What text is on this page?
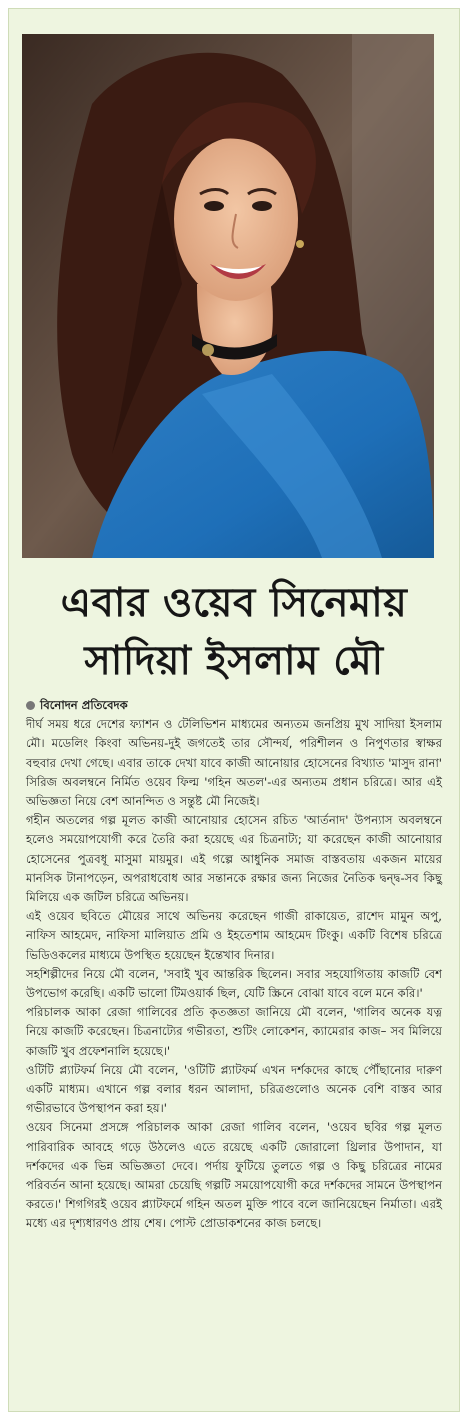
এবার ওয়েব সিনেমায়
সাদিয়া ইসলাম মৌ
বিনোদন প্রতিবেদক

দীর্ঘ সময় ধরে দেশের ফ্যাশন ও টেলিভিশন মাধ্যমের অন্যতম জনপ্রিয় মুখ সাদিয়া ইসলাম মৌ। মডেলিং কিংবা অভিনয়-দুই জগতেই তার সৌন্দর্য, পরিশীলন ও নিপুণতার স্বাক্ষর বহুবার দেখা গেছে। এবার তাকে দেখা যাবে কাজী আনোয়ার হোসেনের বিখ্যাত 'মাসুদ রানা' সিরিজ অবলম্বনে নির্মিত ওয়েব ফিল্ম 'গহিন অতল'-এর অন্যতম প্রধান চরিত্রে। আর এই অভিজ্ঞতা নিয়ে বেশ আনন্দিত ও সন্তুষ্ট মৌ নিজেই।

গহীন অতলের গল্প মূলত কাজী আনোয়ার হোসেন রচিত 'আর্তনাদ' উপন্যাস অবলম্বনে হলেও সময়োপযোগী করে তৈরি করা হয়েছে এর চিত্রনাট্য; যা করেছেন কাজী আনোয়ার হোসেনের পুত্রবধূ মাসুমা মায়মুর। এই গল্পে আধুনিক সমাজ বাস্তবতায় একজন মায়ের মানসিক টানাপড়েন, অপরাধবোধ আর সন্তানকে রক্ষার জন্য নিজের নৈতিক দ্বন্দ্ব-সব কিছু মিলিয়ে এক জটিল চরিত্রে অভিনয়।

এই ওয়েব ছবিতে মৌয়ের সাথে অভিনয় করেছেন গাজী রাকায়েত, রাশেদ মামুন অপু, নাফিস আহমেদ, নাফিসা মালিয়াত প্রমি ও ইহতেশাম আহমেদ টিংকু। একটি বিশেষ চরিত্রে ভিডিওকলের মাধ্যমে উপস্থিত হয়েছেন ইন্তেখাব দিনার।

সহশিল্পীদের নিয়ে মৌ বলেন, 'সবাই খুব আন্তরিক ছিলেন। সবার সহযোগিতায় কাজটি বেশ উপভোগ করেছি। একটি ভালো টিমওয়ার্ক ছিল, যেটি স্ক্রিনে বোঝা যাবে বলে মনে করি।'

পরিচালক আকা রেজা গালিবের প্রতি কৃতজ্ঞতা জানিয়ে মৌ বলেন, 'গালিব অনেক যত্ন নিয়ে কাজটি করেছেন। চিত্রনাট্যের গভীরতা, শুটিং লোকেশন, ক্যামেরার কাজ– সব মিলিয়ে কাজটি খুব প্রফেশনালি হয়েছে।'

ওটিটি প্ল্যাটফর্ম নিয়ে মৌ বলেন, 'ওটিটি প্ল্যাটফর্ম এখন দর্শকদের কাছে পৌঁছানোর দারুণ একটি মাধ্যম। এখানে গল্প বলার ধরন আলাদা, চরিত্রগুলোও অনেক বেশি বাস্তব আর গভীরভাবে উপস্থাপন করা হয়।'

ওয়েব সিনেমা প্রসঙ্গে পরিচালক আকা রেজা গালিব বলেন, 'ওয়েব ছবির গল্প মূলত পারিবারিক আবহে গড়ে উঠলেও এতে রয়েছে একটি জোরালো থ্রিলার উপাদান, যা দর্শকদের এক ভিন্ন অভিজ্ঞতা দেবে। পর্দায় ফুটিয়ে তুলতে গল্প ও কিছু চরিত্রের নামের পরিবর্তন আনা হয়েছে। আমরা চেয়েছি গল্পটি সময়োপযোগী করে দর্শকদের সামনে উপস্থাপন করতে।' শিগগিরই ওয়েব প্ল্যাটফর্মে গহিন অতল মুক্তি পাবে বলে জানিয়েছেন নির্মাতা। এরই মধ্যে এর দৃশ্যধারণও প্রায় শেষ। পোস্ট প্রোডাকশনের কাজ চলছে।
